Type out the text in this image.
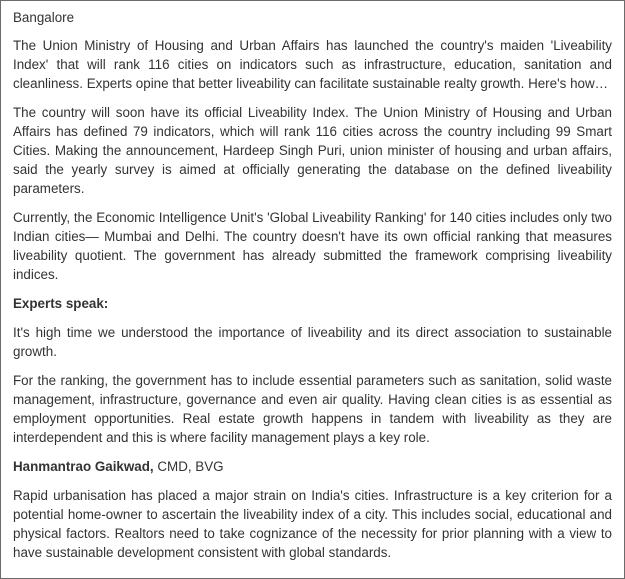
Bangalore

The Union Ministry of Housing and Urban Affairs has launched the country's maiden 'Liveability Index' that will rank 116 cities on indicators such as infrastructure, education, sanitation and cleanliness. Experts opine that better liveability can facilitate sustainable realty growth. Here's how…

The country will soon have its official Liveability Index. The Union Ministry of Housing and Urban Affairs has defined 79 indicators, which will rank 116 cities across the country including 99 Smart Cities. Making the announcement, Hardeep Singh Puri, union minister of housing and urban affairs, said the yearly survey is aimed at officially generating the database on the defined liveability parameters.

Currently, the Economic Intelligence Unit's 'Global Liveability Ranking' for 140 cities includes only two Indian cities— Mumbai and Delhi. The country doesn't have its own official ranking that measures liveability quotient. The government has already submitted the framework comprising liveability indices.

Experts speak:

It's high time we understood the importance of liveability and its direct association to sustainable growth.

For the ranking, the government has to include essential parameters such as sanitation, solid waste management, infrastructure, governance and even air quality. Having clean cities is as essential as employment opportunities. Real estate growth happens in tandem with liveability as they are interdependent and this is where facility management plays a key role.

Hanmantrao Gaikwad, CMD, BVG

Rapid urbanisation has placed a major strain on India's cities. Infrastructure is a key criterion for a potential home-owner to ascertain the liveability index of a city. This includes social, educational and physical factors. Realtors need to take cognizance of the necessity for prior planning with a view to have sustainable development consistent with global standards.
